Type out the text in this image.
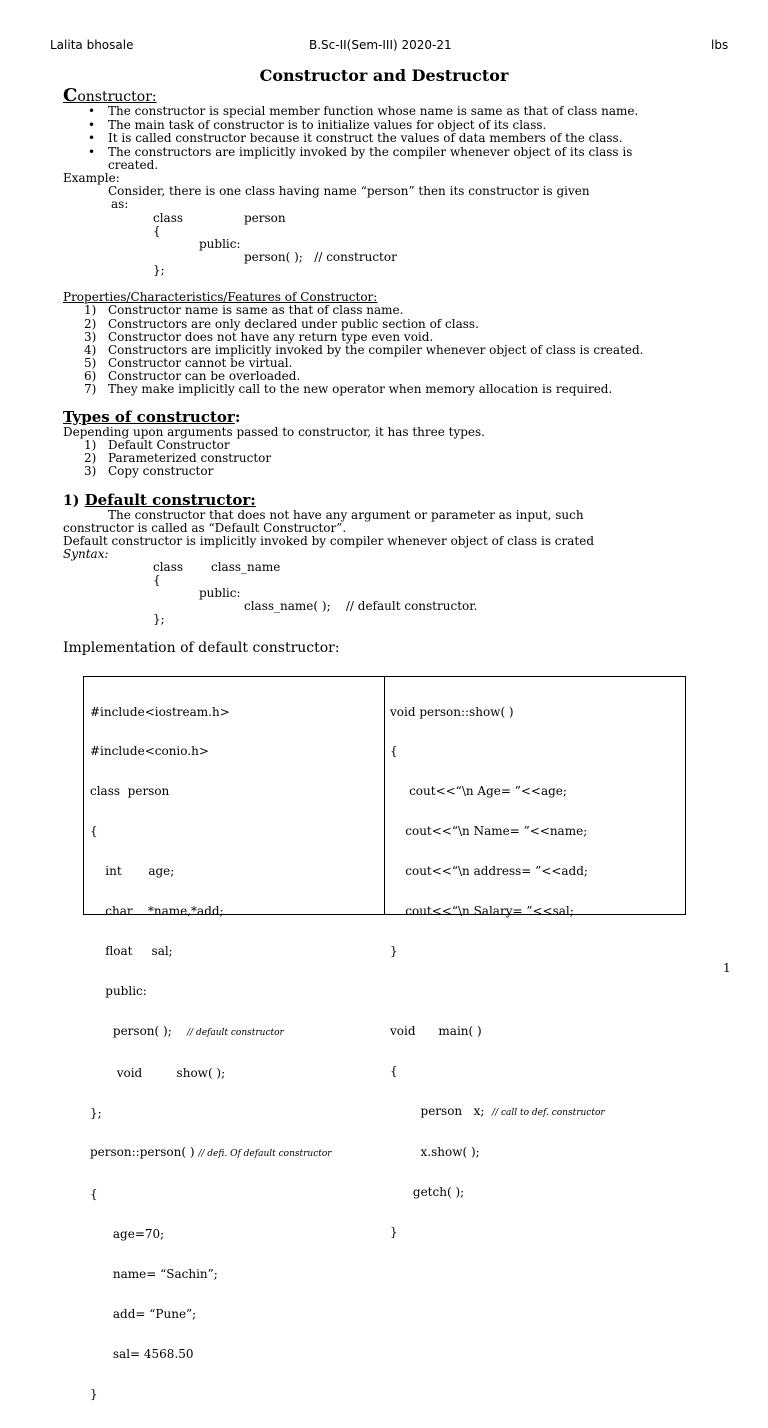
Lalita bhosale	B.Sc-II(Sem-III) 2020-21	lbs
Constructor and Destructor
Constructor:
• The constructor is special member function whose name is same as that of class name.
• The main task of constructor is to initialize values for object of its class.
• It is called constructor because it construct the values of data members of the class.
• The constructors are implicitly invoked by the compiler whenever object of its class is
created.
Example:
Consider, there is one class having name “person” then its constructor is given
as:
class	person
{
public:
person( );   // constructor
};
Properties/Characteristics/Features of Constructor:
1) Constructor name is same as that of class name.
2) Constructors are only declared under public section of class.
3) Constructor does not have any return type even void.
4) Constructors are implicitly invoked by the compiler whenever object of class is created.
5) Constructor cannot be virtual.
6) Constructor can be overloaded.
7) They make implicitly call to the new operator when memory allocation is required.
Types of constructor:
Depending upon arguments passed to constructor, it has three types.
1) Default Constructor
2) Parameterized constructor
3) Copy constructor
1) Default constructor:
The constructor that does not have any argument or parameter as input, such
constructor is called as “Default Constructor”.
Default constructor is implicitly invoked by compiler whenever object of class is crated
Syntax:
class class_name
{
public:
class_name( );    // default constructor.
};
Implementation of default constructor:

#include<iostream.h>

#include<conio.h>

class  person

{

int       age;

char    *name,*add;

float     sal;

public:

person( ); // default constructor

void         show( );

};

person::person( ) // defi. Of default constructor

{

age=70;

name= “Sachin”;

add= “Pune”;

sal= 4568.50

}

void person::show( )

{

cout<<“\n Age= ”<<age;

cout<<“\n Name= ”<<name;

cout<<“\n address= ”<<add;

cout<<“\n Salary= ”<<sal;

}

void      main( )

{

person   x; // call to def. constructor

x.show( );

getch( );

}

1
